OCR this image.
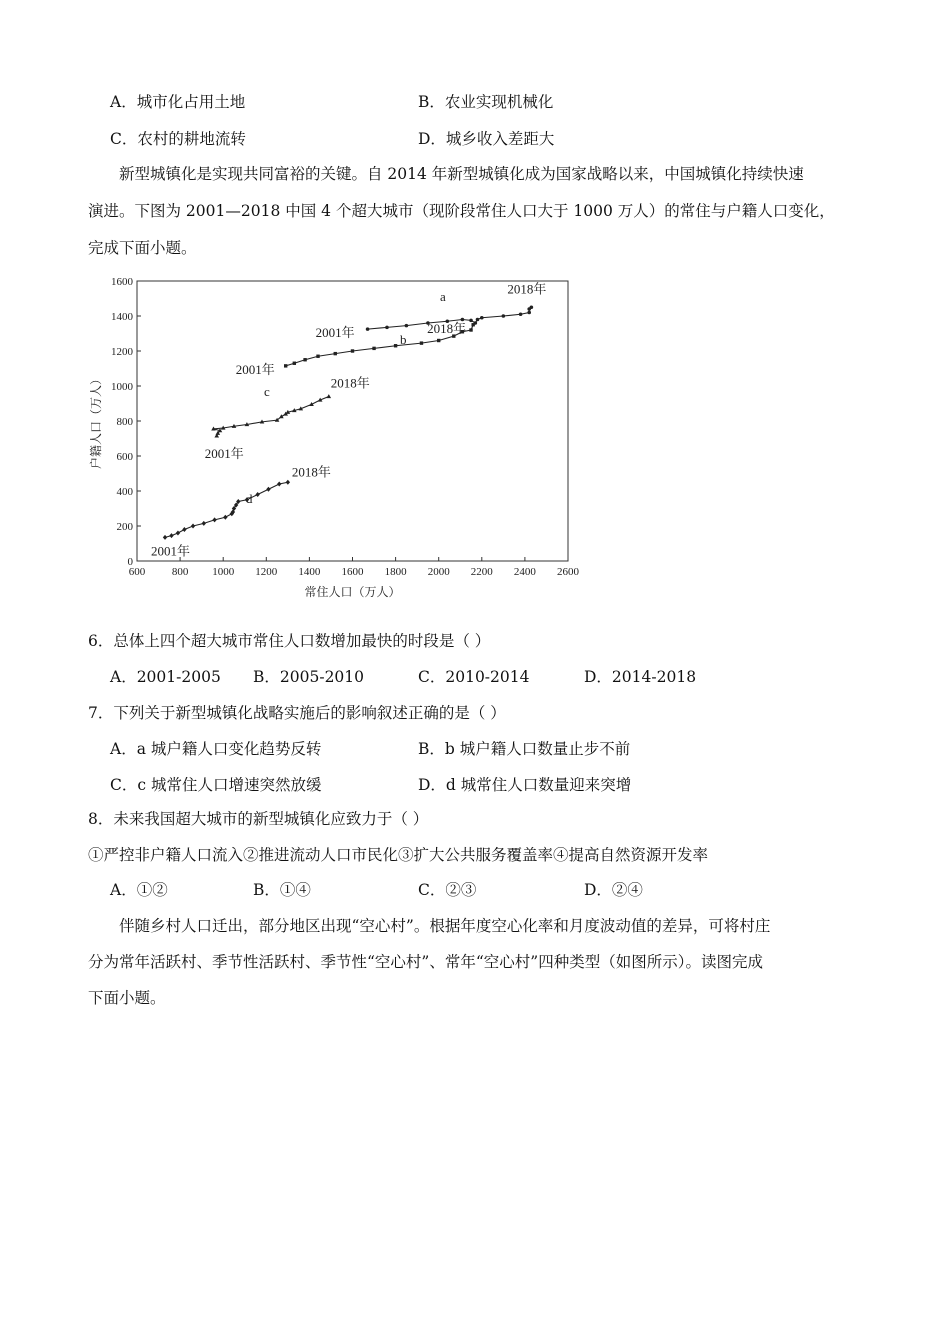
A．城市化占用土地	B．农业实现机械化
C．农村的耕地流转	D．城乡收入差距大
新型城镇化是实现共同富裕的关键。自 2014 年新型城镇化成为国家战略以来，中国城镇化持续快速
演进。下图为 2001—2018 中国 4 个超大城市（现阶段常住人口大于 1000 万人）的常住与户籍人口变化，
完成下面小题。
600 800 1000 1200 1400 1600 1800 2000 2200 2400 2600
0
200
400
600
800
1000
1200
1400
1600
a
2001年
2018年
b
2001年
2018年
c
2001年
2018年
d
2001年
2018年
常住人口（万人）
户籍人口（万人）
6．总体上四个超大城市常住人口数增加最快的时段是（ ）
A．2001-2005 B．2005-2010	C．2010-2014	D．2014-2018
7．下列关于新型城镇化战略实施后的影响叙述正确的是（ ）
A．a 城户籍人口变化趋势反转	B．b 城户籍人口数量止步不前
C．c 城常住人口增速突然放缓	D．d 城常住人口数量迎来突增
8．未来我国超大城市的新型城镇化应致力于（ ）
①严控非户籍人口流入②推进流动人口市民化③扩大公共服务覆盖率④提高自然资源开发率
A．①②	B．①④	C．②③	D．②④
伴随乡村人口迁出，部分地区出现“空心村”。根据年度空心化率和月度波动值的差异，可将村庄
分为常年活跃村、季节性活跃村、季节性“空心村”、常年“空心村”四种类型（如图所示）。读图完成
下面小题。
